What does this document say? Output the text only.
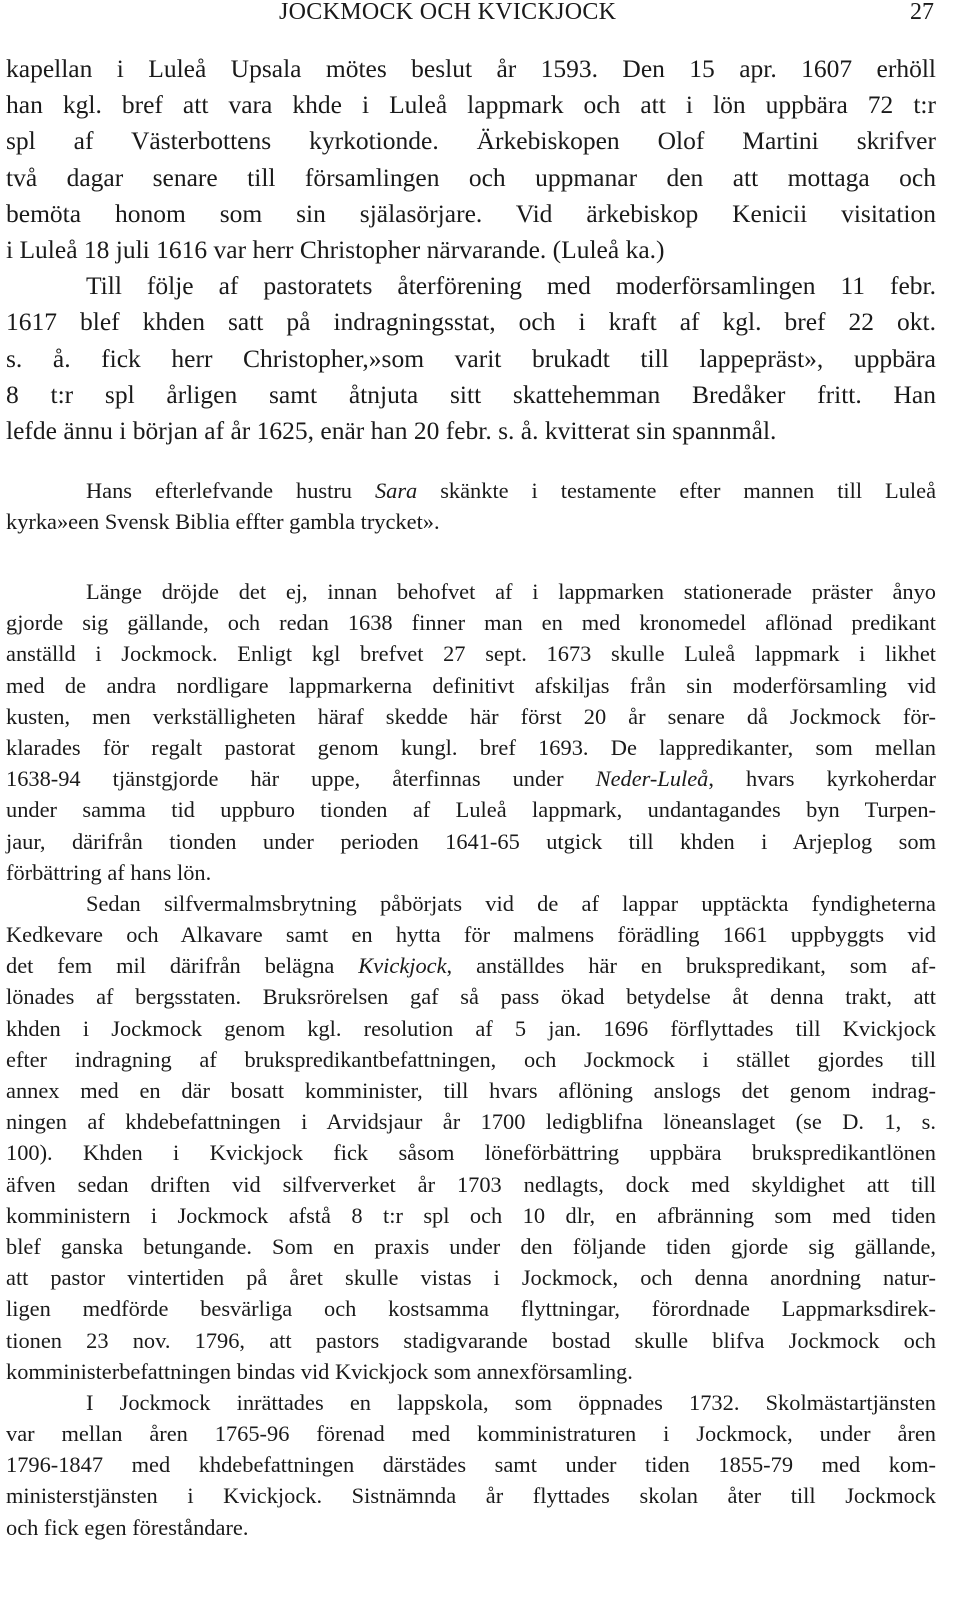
JOCKMOCK OCH KVICKJOCK	27
kapellan i Luleå Upsala mötes beslut år 1593. Den 15 apr. 1607 erhöll
han kgl. bref att vara khde i Luleå lappmark och att i lön uppbära 72 t:r
spl af Västerbottens kyrkotionde. Ärkebiskopen Olof Martini skrifver
två dagar senare till församlingen och uppmanar den att mottaga och
bemöta honom som sin själasörjare. Vid ärkebiskop Kenicii visitation
i Luleå 18 juli 1616 var herr Christopher närvarande. (Luleå ka.)
Till följe af pastoratets återförening med moderförsamlingen 11 febr.
1617 blef khden satt på indragningsstat, och i kraft af kgl. bref 22 okt.
s. å. fick herr Christopher,»som varit brukadt till lappepräst», uppbära
8 t:r spl årligen samt åtnjuta sitt skattehemman Bredåker fritt. Han
lefde ännu i början af år 1625, enär han 20 febr. s. å. kvitterat sin spannmål.
Hans efterlefvande hustru Sara skänkte i testamente efter mannen till Luleå
kyrka»een Svensk Biblia effter gambla trycket».
Länge dröjde det ej, innan behofvet af i lappmarken stationerade präster ånyo
gjorde sig gällande, och redan 1638 finner man en med kronomedel aflönad predikant
anställd i Jockmock. Enligt kgl brefvet 27 sept. 1673 skulle Luleå lappmark i likhet
med de andra nordligare lappmarkerna definitivt afskiljas från sin moderförsamling vid
kusten, men verkställigheten häraf skedde här först 20 år senare då Jockmock för-
klarades för regalt pastorat genom kungl. bref 1693. De lappredikanter, som mellan
1638-94 tjänstgjorde här uppe, återfinnas under Neder-Luleå, hvars kyrkoherdar
under samma tid uppburo tionden af Luleå lappmark, undantagandes byn Turpen-
jaur, därifrån tionden under perioden 1641-65 utgick till khden i Arjeplog som
förbättring af hans lön.
Sedan silfvermalmsbrytning påbörjats vid de af lappar upptäckta fyndigheterna
Kedkevare och Alkavare samt en hytta för malmens förädling 1661 uppbyggts vid
det fem mil därifrån belägna Kvickjock, anställdes här en brukspredikant, som af-
lönades af bergsstaten. Bruksrörelsen gaf så pass ökad betydelse åt denna trakt, att
khden i Jockmock genom kgl. resolution af 5 jan. 1696 förflyttades till Kvickjock
efter indragning af brukspredikantbefattningen, och Jockmock i stället gjordes till
annex med en där bosatt komminister, till hvars aflöning anslogs det genom indrag-
ningen af khdebefattningen i Arvidsjaur år 1700 ledigblifna löneanslaget (se D. 1, s.
100). Khden i Kvickjock fick såsom löneförbättring uppbära brukspredikantlönen
äfven sedan driften vid silfververket år 1703 nedlagts, dock med skyldighet att till
komministern i Jockmock afstå 8 t:r spl och 10 dlr, en afbränning som med tiden
blef ganska betungande. Som en praxis under den följande tiden gjorde sig gällande,
att pastor vintertiden på året skulle vistas i Jockmock, och denna anordning natur-
ligen medförde besvärliga och kostsamma flyttningar, förordnade Lappmarksdirek-
tionen 23 nov. 1796, att pastors stadigvarande bostad skulle blifva Jockmock och
komministerbefattningen bindas vid Kvickjock som annexförsamling.
I Jockmock inrättades en lappskola, som öppnades 1732. Skolmästartjänsten
var mellan åren 1765-96 förenad med komministraturen i Jockmock, under åren
1796-1847 med khdebefattningen därstädes samt under tiden 1855-79 med kom-
ministerstjänsten i Kvickjock. Sistnämnda år flyttades skolan åter till Jockmock
och fick egen föreståndare.
